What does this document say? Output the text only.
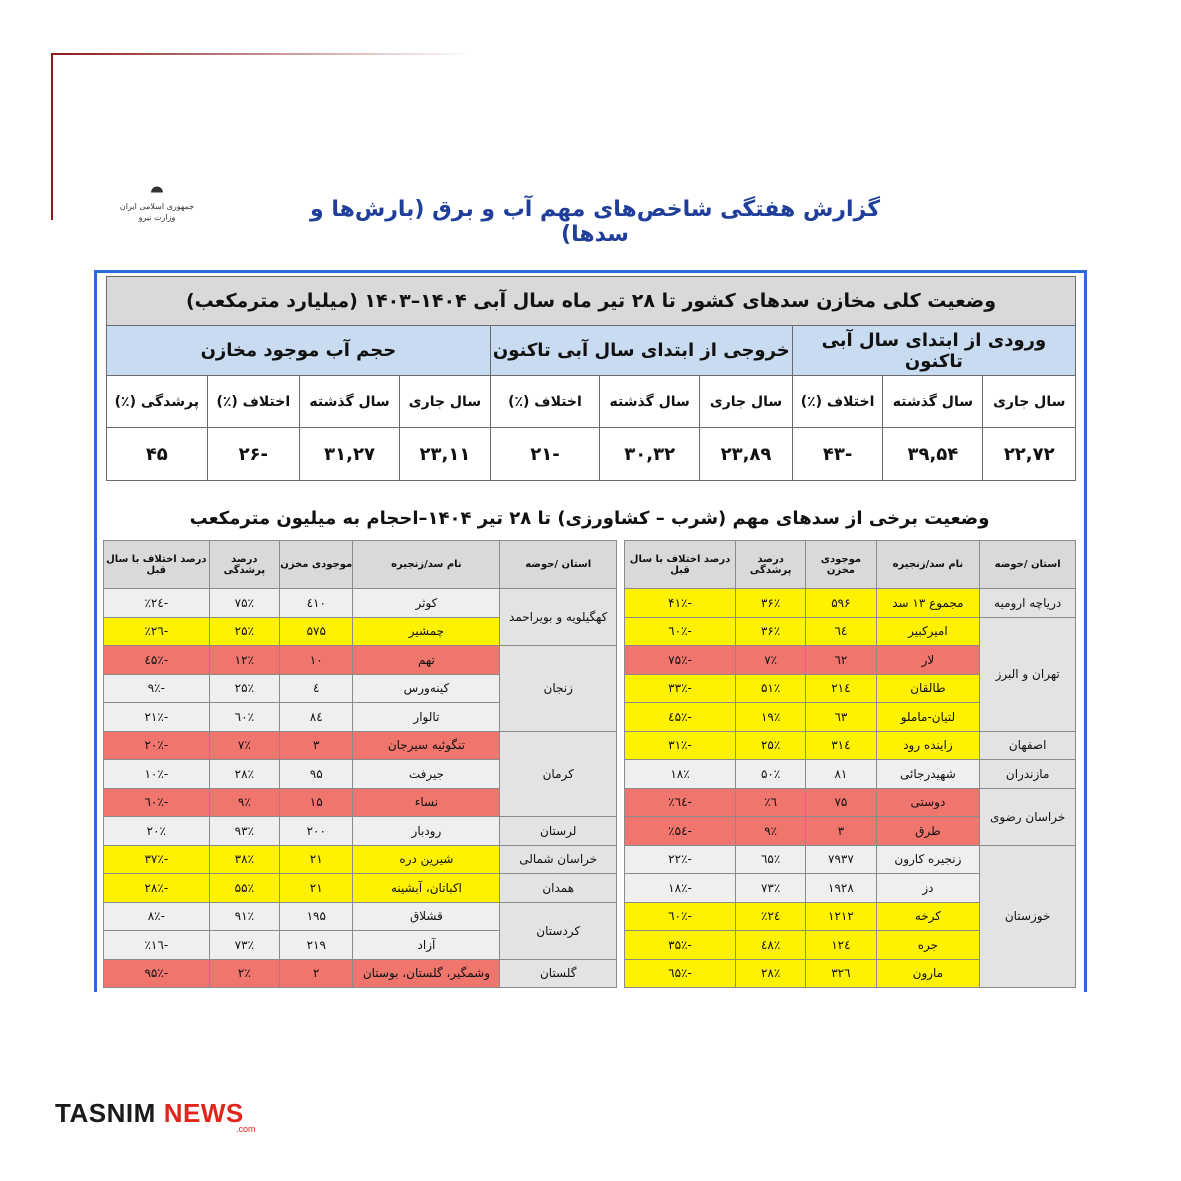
⯊
جمهوری اسلامی ایران
وزارت نیرو	گزارش هفتگی شاخص‌های مهم آب و برق (بارش‌ها و سدها)
وضعیت کلی مخازن سدهای کشور تا ۲۸ تیر ماه سال آبی ۱۴۰۴–۱۴۰۳ (میلیارد مترمکعب)									
ورودی از ابتدای سال آبی تاکنون			خروجی از ابتدای سال آبی تاکنون			حجم آب موجود مخازن			
سال جاری	سال گذشته	اختلاف (٪)	سال جاری	سال گذشته	اختلاف (٪)	سال جاری	سال گذشته	اختلاف (٪)	پرشدگی (٪)
۲۲,۷۲	۳۹,۵۴	-۴۳	۲۳,۸۹	۳۰,۳۲	-۲۱	۲۳,۱۱	۳۱,۲۷	-۲۶	۴۵
وضعیت برخی از سدهای مهم (شرب – کشاورزی) تا ۲۸ تیر ۱۴۰۴–احجام به میلیون مترمکعب
استان /حوضه	نام سد/زنجیره	موجودی مخزن	درصد پرشدگی	درصد اختلاف با سال قبل
دریاچه ارومیه	مجموع ۱۳ سد	۵۹۶	۳۶٪	-۴۱٪
تهران و البرز	امیرکبیر	٦٤	۳۶٪	-٦۰٪
	لار	٦۲	۷٪	-۷۵٪
	طالقان	۲۱٤	۵۱٪	-۳۳٪
	لتیان-ماملو	٦۳	۱۹٪	-٤۵٪
اصفهان	زاینده رود	۳۱٤	۲۵٪	-۳۱٪
مازندران	شهیدرجائی	۸۱	۵۰٪	۱۸٪
خراسان رضوی	دوستی	۷۵	٦٪	-٦٤٪
	طرق	۳	۹٪	-۵٤٪
خوزستان	زنجیره کارون	۷۹۳۷	٦۵٪	-۲۲٪
	دز	۱۹۲۸	۷۳٪	-۱۸٪
	کرخه	۱۲۱۲	۲٤٪	-٦۰٪
	جره	۱۲٤	٤۸٪	-۳۵٪
	مارون	۳۲٦	۲۸٪	-٦۵٪
استان /حوضه	نام سد/زنجیره	موجودی مخزن	درصد پرشدگی	درصد اختلاف با سال قبل
کهگیلویه و بویراحمد	کوثر	٤۱۰	۷۵٪	-۲٤٪
	چمشیر	۵۷۵	۲۵٪	-۲٦٪
زنجان	تهم	۱۰	۱۲٪	-٤۵٪
	کینه‌ورس	٤	۲۵٪	-۹٪
	تالوار	۸٤	٦۰٪	-۲۱٪
کرمان	تنگوئیه سیرجان	۳	۷٪	-۲۰٪
	جیرفت	۹۵	۲۸٪	-۱۰٪
	نساء	۱۵	۹٪	-٦۰٪
لرستان	رودبار	۲۰۰	۹۳٪	۲۰٪
خراسان شمالی	شیرین دره	۲۱	۳۸٪	-۳۷٪
همدان	اکباتان، آبشینه	۲۱	۵۵٪	-۲۸٪
کردستان	قشلاق	۱۹۵	۹۱٪	-۸٪
	آزاد	۲۱۹	۷۳٪	-۱٦٪
گلستان	وشمگیر، گلستان، بوستان	۲	۲٪	-۹۵٪
TASNIM NEWS
.com
